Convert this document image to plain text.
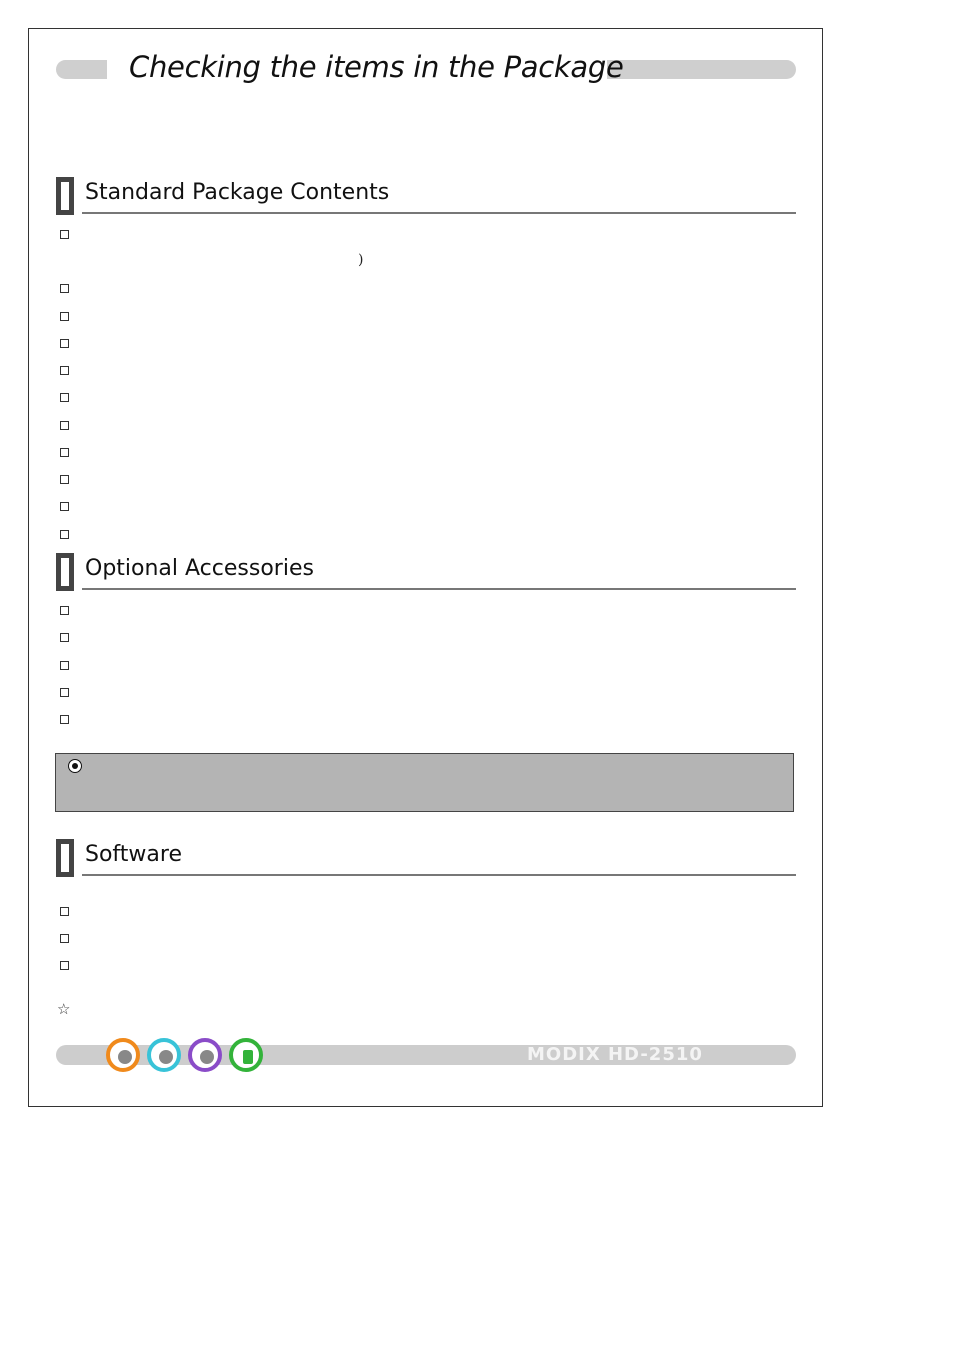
Checking the items in the Package
Standard Package Contents
)
Optional Accessories
Software
☆
MODIX HD-2510
